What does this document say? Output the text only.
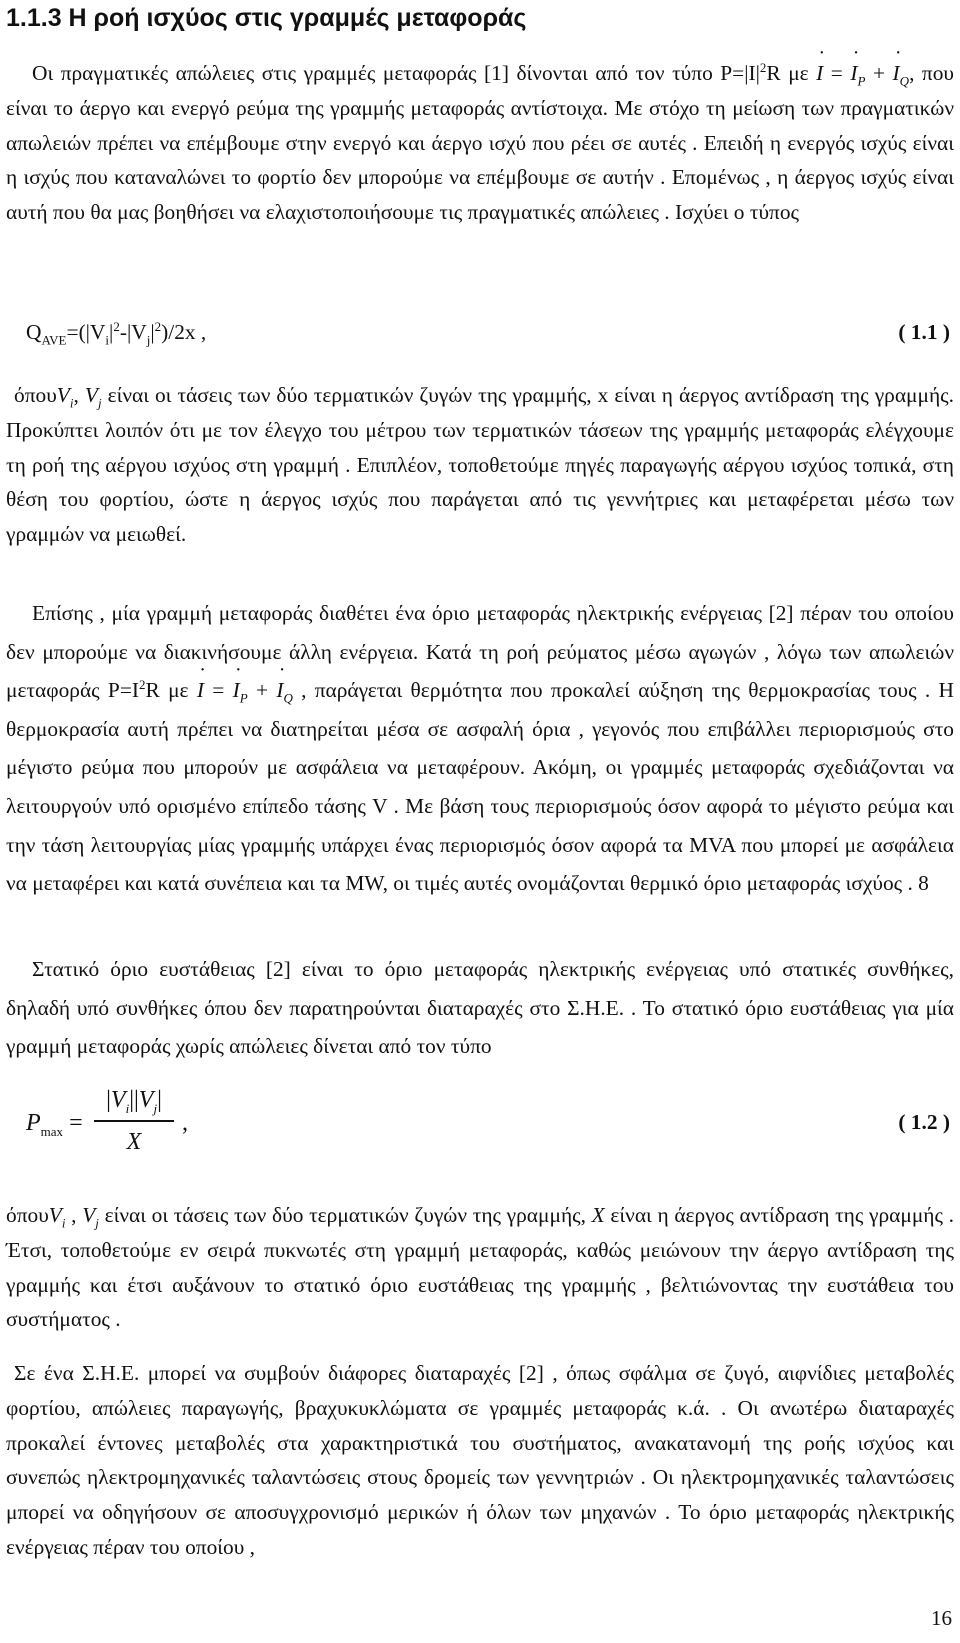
1.1.3 Η ροή ισχύος στις γραμμές μεταφοράς

Οι πραγματικές απώλειες στις γραμμές μεταφοράς [1] δίνονται από τον τύπο $P=|I|^2R$ με ˙ I = ˙ $I_P$ + ˙ $I_Q$, που είναι το άεργο και ενεργό ρεύμα της γραμμής μεταφοράς αντίστοιχα. Με στόχο τη μείωση των πραγματικών απωλειών πρέπει να επέμβουμε στην ενεργό και άεργο ισχύ που ρέει σε αυτές . Επειδή η ενεργός ισχύς είναι η ισχύς που καταναλώνει το φορτίο δεν μπορούμε να επέμβουμε σε αυτήν . Επομένως , η άεργος ισχύς είναι αυτή που θα μας βοηθήσει να ελαχιστοποιήσουμε τις πραγματικές απώλειες . Ισχύει ο τύπος

$Q_{AVE}=(|V_i|^2-|V_j|^2)/2x$ ,	( 1.1 )

όπουV$_i$, $V_j$ είναι οι τάσεις των δύο τερματικών ζυγών της γραμμής, x είναι η άεργος αντίδραση της γραμμής. Προκύπτει λοιπόν ότι με τον έλεγχο του μέτρου των τερματικών τάσεων της γραμμής μεταφοράς ελέγχουμε τη ροή της αέργου ισχύος στη γραμμή . Επιπλέον, τοποθετούμε πηγές παραγωγής αέργου ισχύος τοπικά, στη θέση του φορτίου, ώστε η άεργος ισχύς που παράγεται από τις γεννήτριες και μεταφέρεται μέσω των γραμμών να μειωθεί.

Επίσης , μία γραμμή μεταφοράς διαθέτει ένα όριο μεταφοράς ηλεκτρικής ενέργειας [2] πέραν του οποίου δεν μπορούμε να διακινήσουμε άλλη ενέργεια. Κατά τη ροή ρεύματος μέσω αγωγών , λόγω των απωλειών μεταφοράς $P=I^2R$ με ˙ I = ˙ $I_P$ + ˙ $I_Q$ , παράγεται θερμότητα που προκαλεί αύξηση της θερμοκρασίας τους . Η θερμοκρασία αυτή πρέπει να διατηρείται μέσα σε ασφαλή όρια , γεγονός που επιβάλλει περιορισμούς στο μέγιστο ρεύμα που μπορούν με ασφάλεια να μεταφέρουν. Ακόμη, οι γραμμές μεταφοράς σχεδιάζονται να λειτουργούν υπό ορισμένο επίπεδο τάσης V . Με βάση τους περιορισμούς όσον αφορά το μέγιστο ρεύμα και την τάση λειτουργίας μίας γραμμής υπάρχει ένας περιορισμός όσον αφορά τα MVA που μπορεί με ασφάλεια να μεταφέρει και κατά συνέπεια και τα MW, οι τιμές αυτές ονομάζονται θερμικό όριο μεταφοράς ισχύος . 8

Στατικό όριο ευστάθειας [2] είναι το όριο μεταφοράς ηλεκτρικής ενέργειας υπό στατικές συνθήκες, δηλαδή υπό συνθήκες όπου δεν παρατηρούνται διαταραχές στο Σ.Η.Ε. . Το στατικό όριο ευστάθειας για μία γραμμή μεταφοράς χωρίς απώλειες δίνεται από τον τύπο

$P_{max}$ =
$|V_i||V_j|$
X
,	( 1.2 )

όπουV$_i$ , $V_j$ είναι οι τάσεις των δύο τερματικών ζυγών της γραμμής, X είναι η άεργος αντίδραση της γραμμής . Έτσι, τοποθετούμε εν σειρά πυκνωτές στη γραμμή μεταφοράς, καθώς μειώνουν την άεργο αντίδραση της γραμμής και έτσι αυξάνουν το στατικό όριο ευστάθειας της γραμμής , βελτιώνοντας την ευστάθεια του συστήματος .

Σε ένα Σ.Η.Ε. μπορεί να συμβούν διάφορες διαταραχές [2] , όπως σφάλμα σε ζυγό, αιφνίδιες μεταβολές φορτίου, απώλειες παραγωγής, βραχυκυκλώματα σε γραμμές μεταφοράς κ.ά. . Οι ανωτέρω διαταραχές προκαλεί έντονες μεταβολές στα χαρακτηριστικά του συστήματος, ανακατανομή της ροής ισχύος και συνεπώς ηλεκτρομηχανικές ταλαντώσεις στους δρομείς των γεννητριών . Οι ηλεκτρομηχανικές ταλαντώσεις μπορεί να οδηγήσουν σε αποσυγχρονισμό μερικών ή όλων των μηχανών . Το όριο μεταφοράς ηλεκτρικής ενέργειας πέραν του οποίου ,

16
